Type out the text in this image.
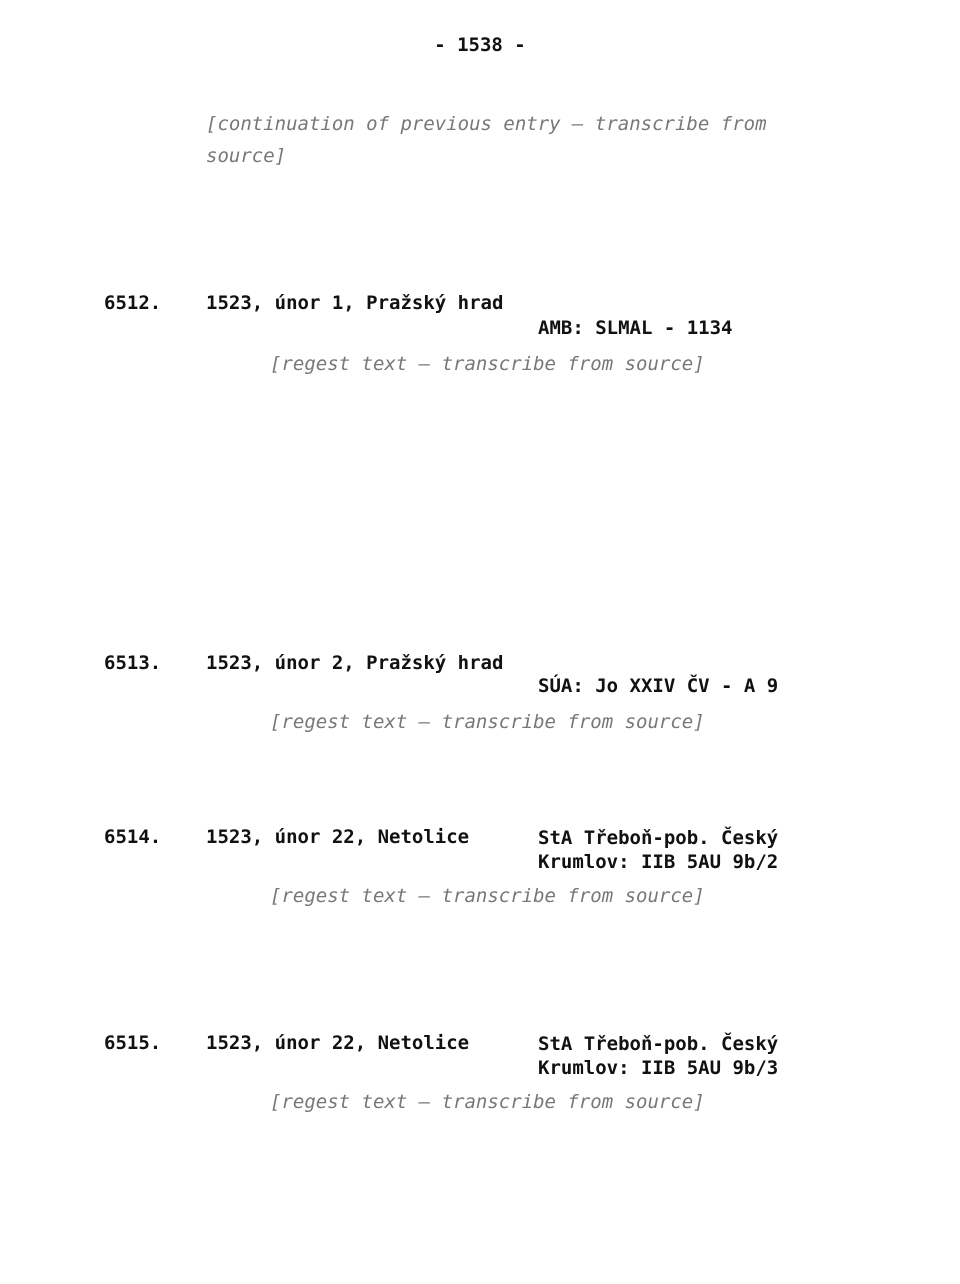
- 1538 -
[continuation of previous entry — transcribe from source]
6512. 1523, únor 1, Pražský hrad
AMB: SLMAL - 1134
[regest text — transcribe from source]
6513. 1523, únor 2, Pražský hrad
SÚA: Jo XXIV ČV - A 9
[regest text — transcribe from source]
6514. 1523, únor 22, Netolice	StA Třeboň-pob. Český Krumlov: IIB 5AU 9b/2
[regest text — transcribe from source]
6515. 1523, únor 22, Netolice	StA Třeboň-pob. Český Krumlov: IIB 5AU 9b/3
[regest text — transcribe from source]
